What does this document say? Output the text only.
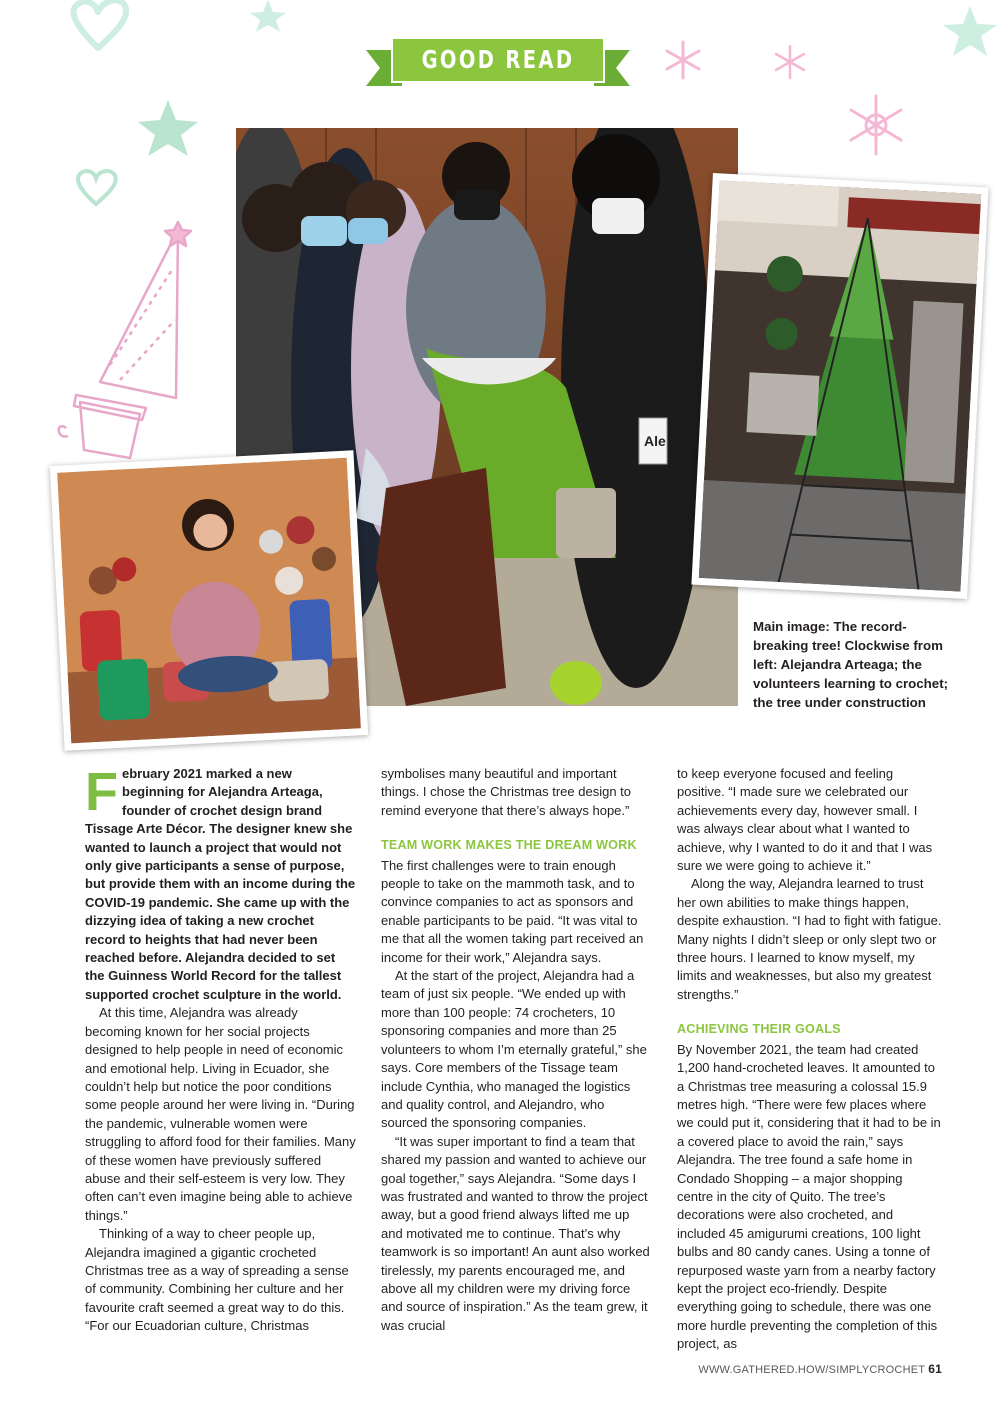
GOOD READ
Ale
Main image: The record-breaking tree! Clockwise from left: Alejandra Arteaga; the volunteers learning to crochet; the tree under construction

February 2021 marked a new beginning for Alejandra Arteaga, founder of crochet design brand Tissage Arte Décor. The designer knew she wanted to launch a project that would not only give participants a sense of purpose, but provide them with an income during the COVID-19 pandemic. She came up with the dizzying idea of taking a new crochet record to heights that had never been reached before. Alejandra decided to set the Guinness World Record for the tallest supported crochet sculpture in the world.

At this time, Alejandra was already becoming known for her social projects designed to help people in need of economic and emotional help. Living in Ecuador, she couldn’t help but notice the poor conditions some people around her were living in. “During the pandemic, vulnerable women were struggling to afford food for their families. Many of these women have previously suffered abuse and their self-esteem is very low. They often can’t even imagine being able to achieve things.”

Thinking of a way to cheer people up, Alejandra imagined a gigantic crocheted Christmas tree as a way of spreading a sense of community. Combining her culture and her favourite craft seemed a great way to do this. “For our Ecuadorian culture, Christmas

symbolises many beautiful and important things. I chose the Christmas tree design to remind everyone that there’s always hope.”

TEAM WORK MAKES THE DREAM WORK

The first challenges were to train enough people to take on the mammoth task, and to convince companies to act as sponsors and enable participants to be paid. “It was vital to me that all the women taking part received an income for their work,” Alejandra says.

At the start of the project, Alejandra had a team of just six people. “We ended up with more than 100 people: 74 crocheters, 10 sponsoring companies and more than 25 volunteers to whom I’m eternally grateful,” she says. Core members of the Tissage team include Cynthia, who managed the logistics and quality control, and Alejandro, who sourced the sponsoring companies.

“It was super important to find a team that shared my passion and wanted to achieve our goal together,” says Alejandra. “Some days I was frustrated and wanted to throw the project away, but a good friend always lifted me up and motivated me to continue. That’s why teamwork is so important! An aunt also worked tirelessly, my parents encouraged me, and above all my children were my driving force and source of inspiration.” As the team grew, it was crucial

to keep everyone focused and feeling positive. “I made sure we celebrated our achievements every day, however small. I was always clear about what I wanted to achieve, why I wanted to do it and that I was sure we were going to achieve it.”

Along the way, Alejandra learned to trust her own abilities to make things happen, despite exhaustion. “I had to fight with fatigue. Many nights I didn’t sleep or only slept two or three hours. I learned to know myself, my limits and weaknesses, but also my greatest strengths.”

ACHIEVING THEIR GOALS

By November 2021, the team had created 1,200 hand-crocheted leaves. It amounted to a Christmas tree measuring a colossal 15.9 metres high. “There were few places where we could put it, considering that it had to be in a covered place to avoid the rain,” says Alejandra. The tree found a safe home in Condado Shopping – a major shopping centre in the city of Quito. The tree’s decorations were also crocheted, and included 45 amigurumi creations, 100 light bulbs and 80 candy canes. Using a tonne of repurposed waste yarn from a nearby factory kept the project eco-friendly. Despite everything going to schedule, there was one more hurdle preventing the completion of this project, as

WWW.GATHERED.HOW/SIMPLYCROCHET 61
